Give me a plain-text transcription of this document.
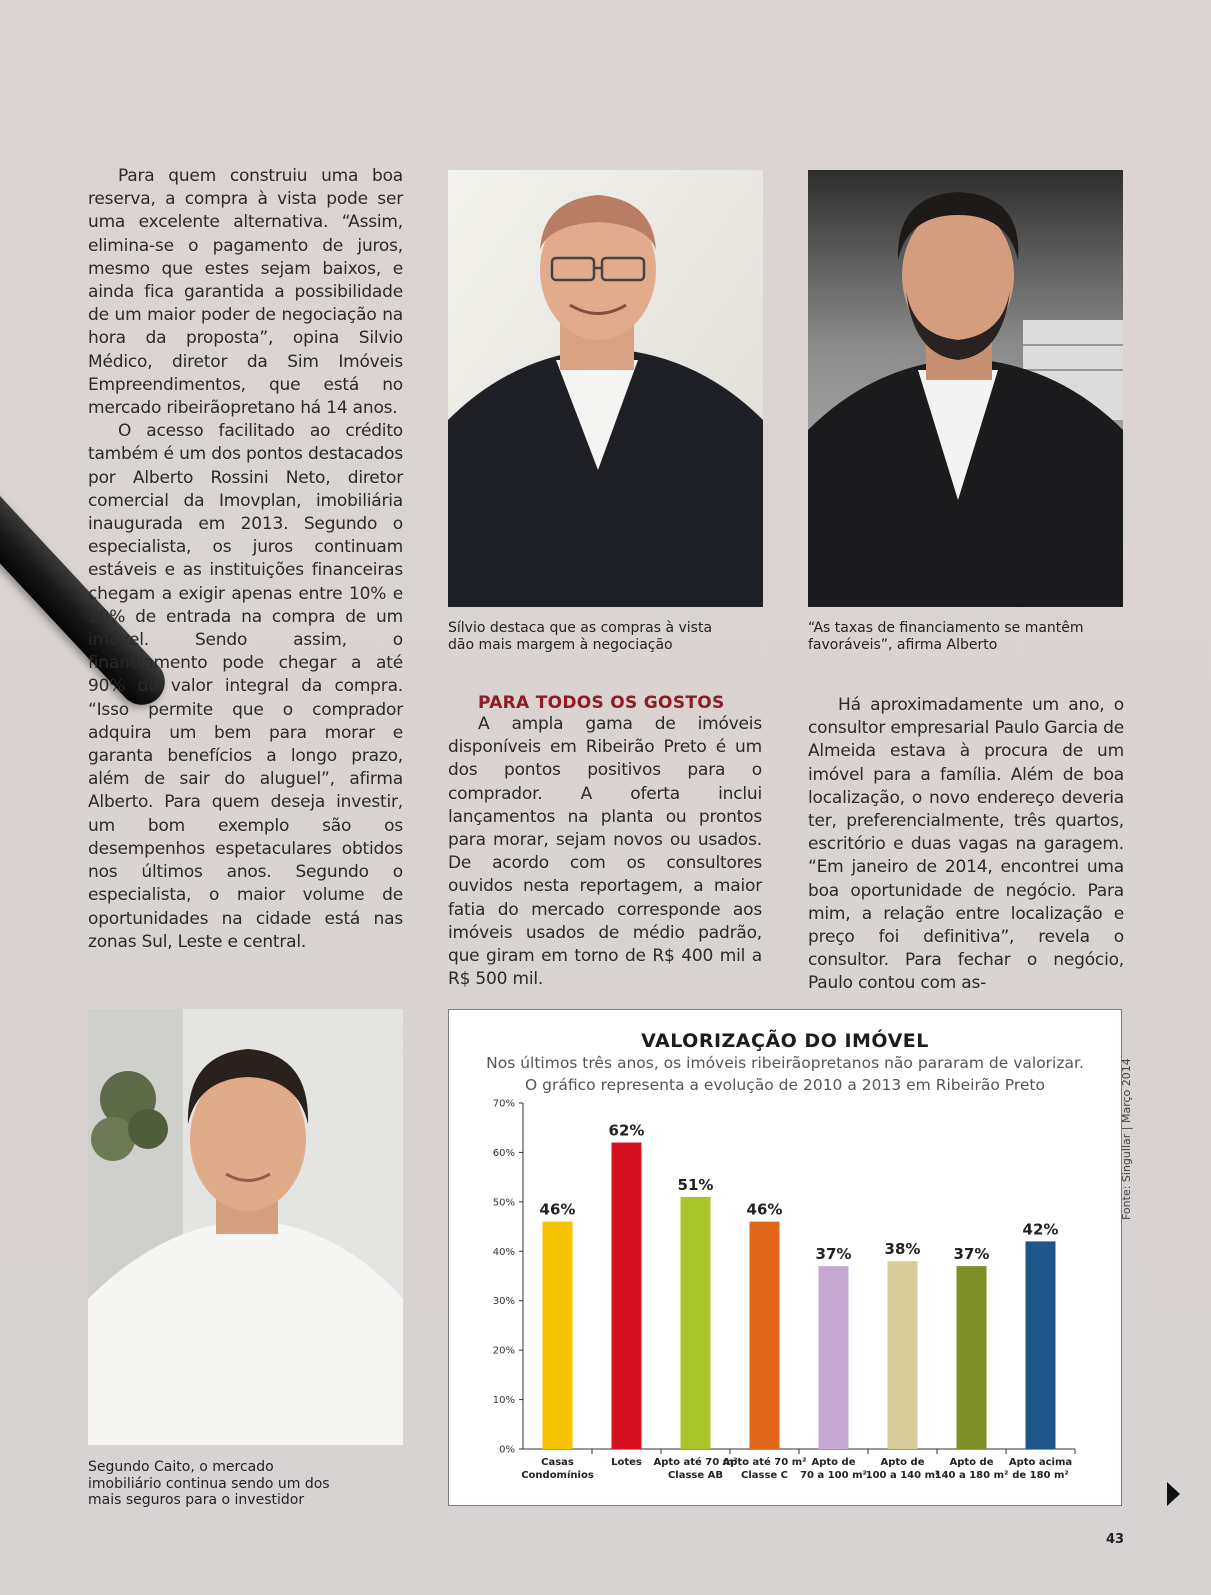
Para quem construiu uma boa reserva, a compra à vista pode ser uma excelente alternativa. “Assim, elimina-se o pagamento de juros, mesmo que estes sejam baixos, e ainda fica garantida a possibilidade de um maior poder de negociação na hora da proposta”, opina Silvio Médico, diretor da Sim Imóveis Empreendimentos, que está no mercado ribeirãopretano há 14 anos.

O acesso facilitado ao crédito também é um dos pontos destacados por Alberto Rossini Neto, diretor comercial da Imovplan, imobiliária inaugurada em 2013. Segundo o especialista, os juros continuam estáveis e as instituições financeiras chegam a exigir apenas entre 10% e 20% de entrada na compra de um imóvel. Sendo assim, o financiamento pode chegar a até 90% do valor integral da compra. “Isso permite que o comprador adquira um bem para morar e garanta benefícios a longo prazo, além de sair do aluguel”, afirma Alberto. Para quem deseja investir, um bom exemplo são os desempenhos espetaculares obtidos nos últimos anos. Segundo o especialista, o maior volume de oportunidades na cidade está nas zonas Sul, Leste e central.

Sílvio destaca que as compras à vista dão mais margem à negociação
“As taxas de financiamento se mantêm favoráveis”, afirma Alberto
PARA TODOS OS GOSTOS

A ampla gama de imóveis disponíveis em Ribeirão Preto é um dos pontos positivos para o comprador. A oferta inclui lançamentos na planta ou prontos para morar, sejam novos ou usados. De acordo com os consultores ouvidos nesta reportagem, a maior fatia do mercado corresponde aos imóveis usados de médio padrão, que giram em torno de R$ 400 mil a R$ 500 mil.

Há aproximadamente um ano, o consultor empresarial Paulo Garcia de Almeida estava à procura de um imóvel para a família. Além de boa localização, o novo endereço deveria ter, preferencialmente, três quartos, escritório e duas vagas na garagem. “Em janeiro de 2014, encontrei uma boa oportunidade de negócio. Para mim, a relação entre localização e preço foi definitiva”, revela o consultor. Para fechar o negócio, Paulo contou com as-

Segundo Caito, o mercado imobiliário continua sendo um dos mais seguros para o investidor
VALORIZAÇÃO DO IMÓVEL
Nos últimos três anos, os imóveis ribeirãopretanos não pararam de valorizar.
O gráfico representa a evolução de 2010 a 2013 em Ribeirão Preto
0%
10%
20%
30%
40%
50%
60%
70%
46%
Casas
Condomínios
62%
Lotes
51%
Apto até 70 m²
Classe AB
46%
Apto até 70 m²
Classe C
37%
Apto de
70 a 100 m²
38%
Apto de
100 a 140 m²
37%
Apto de
140 a 180 m²
42%
Apto acima
de 180 m²
Fonte: Singullar | Março 2014
43
